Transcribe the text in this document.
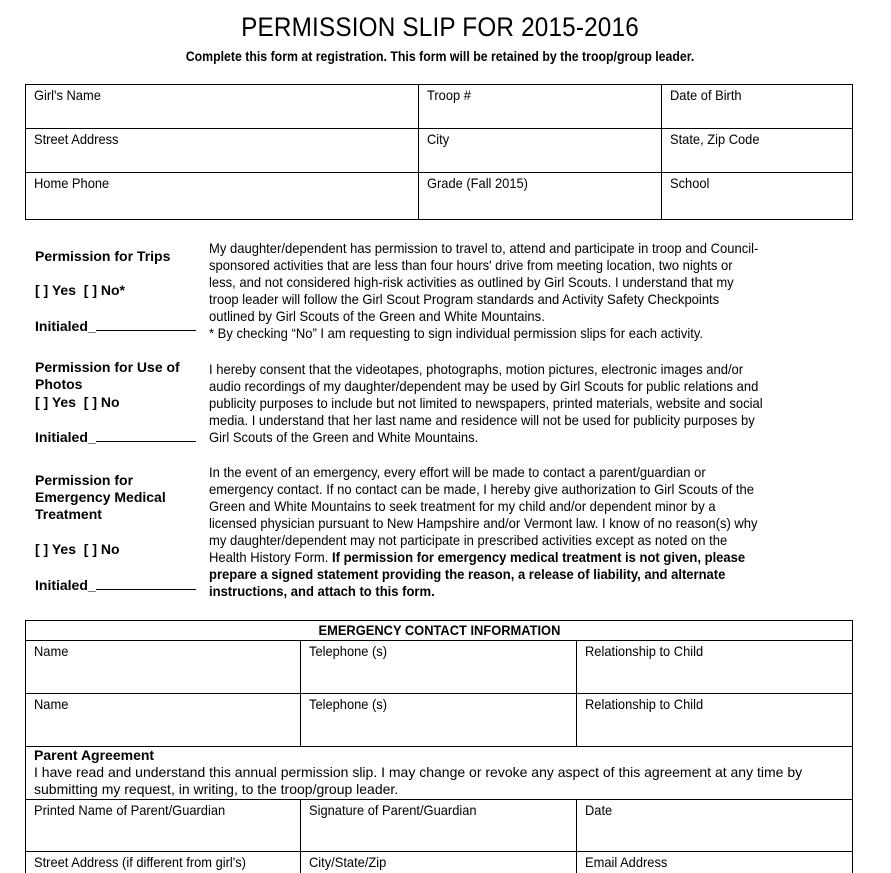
PERMISSION SLIP FOR 2015-2016
Complete this form at registration. This form will be retained by the troop/group leader.
Girl's Name	Troop #	Date of Birth
Street Address	City	State, Zip Code
Home Phone	Grade (Fall 2015)	School
Permission for Trips
[ ] Yes  [ ] No*
Initialed_
My daughter/dependent has permission to travel to, attend and participate in troop and Council-
sponsored activities that are less than four hours' drive from meeting location, two nights or
less, and not considered high-risk activities as outlined by Girl Scouts. I understand that my
troop leader will follow the Girl Scout Program standards and Activity Safety Checkpoints
outlined by Girl Scouts of the Green and White Mountains.
* By checking “No” I am requesting to sign individual permission slips for each activity.
Permission for Use of
Photos
[ ] Yes  [ ] No
Initialed_
I hereby consent that the videotapes, photographs, motion pictures, electronic images and/or
audio recordings of my daughter/dependent may be used by Girl Scouts for public relations and
publicity purposes to include but not limited to newspapers, printed materials, website and social
media. I understand that her last name and residence will not be used for publicity purposes by
Girl Scouts of the Green and White Mountains.
Permission for
Emergency Medical
Treatment
[ ] Yes  [ ] No
Initialed_
In the event of an emergency, every effort will be made to contact a parent/guardian or
emergency contact. If no contact can be made, I hereby give authorization to Girl Scouts of the
Green and White Mountains to seek treatment for my child and/or dependent minor by a
licensed physician pursuant to New Hampshire and/or Vermont law. I know of no reason(s) why
my daughter/dependent may not participate in prescribed activities except as noted on the
Health History Form. If permission for emergency medical treatment is not given, please
prepare a signed statement providing the reason, a release of liability, and alternate
instructions, and attach to this form.
EMERGENCY CONTACT INFORMATION		
Name	Telephone (s)	Relationship to Child
Name	Telephone (s)	Relationship to Child

Parent Agreement
I have read and understand this annual permission slip. I may change or revoke any aspect of this agreement at any time by submitting my request, in writing, to the troop/group leader.		

Printed Name of Parent/Guardian	Signature of Parent/Guardian	Date
Street Address (if different from girl's)	City/State/Zip	Email Address
